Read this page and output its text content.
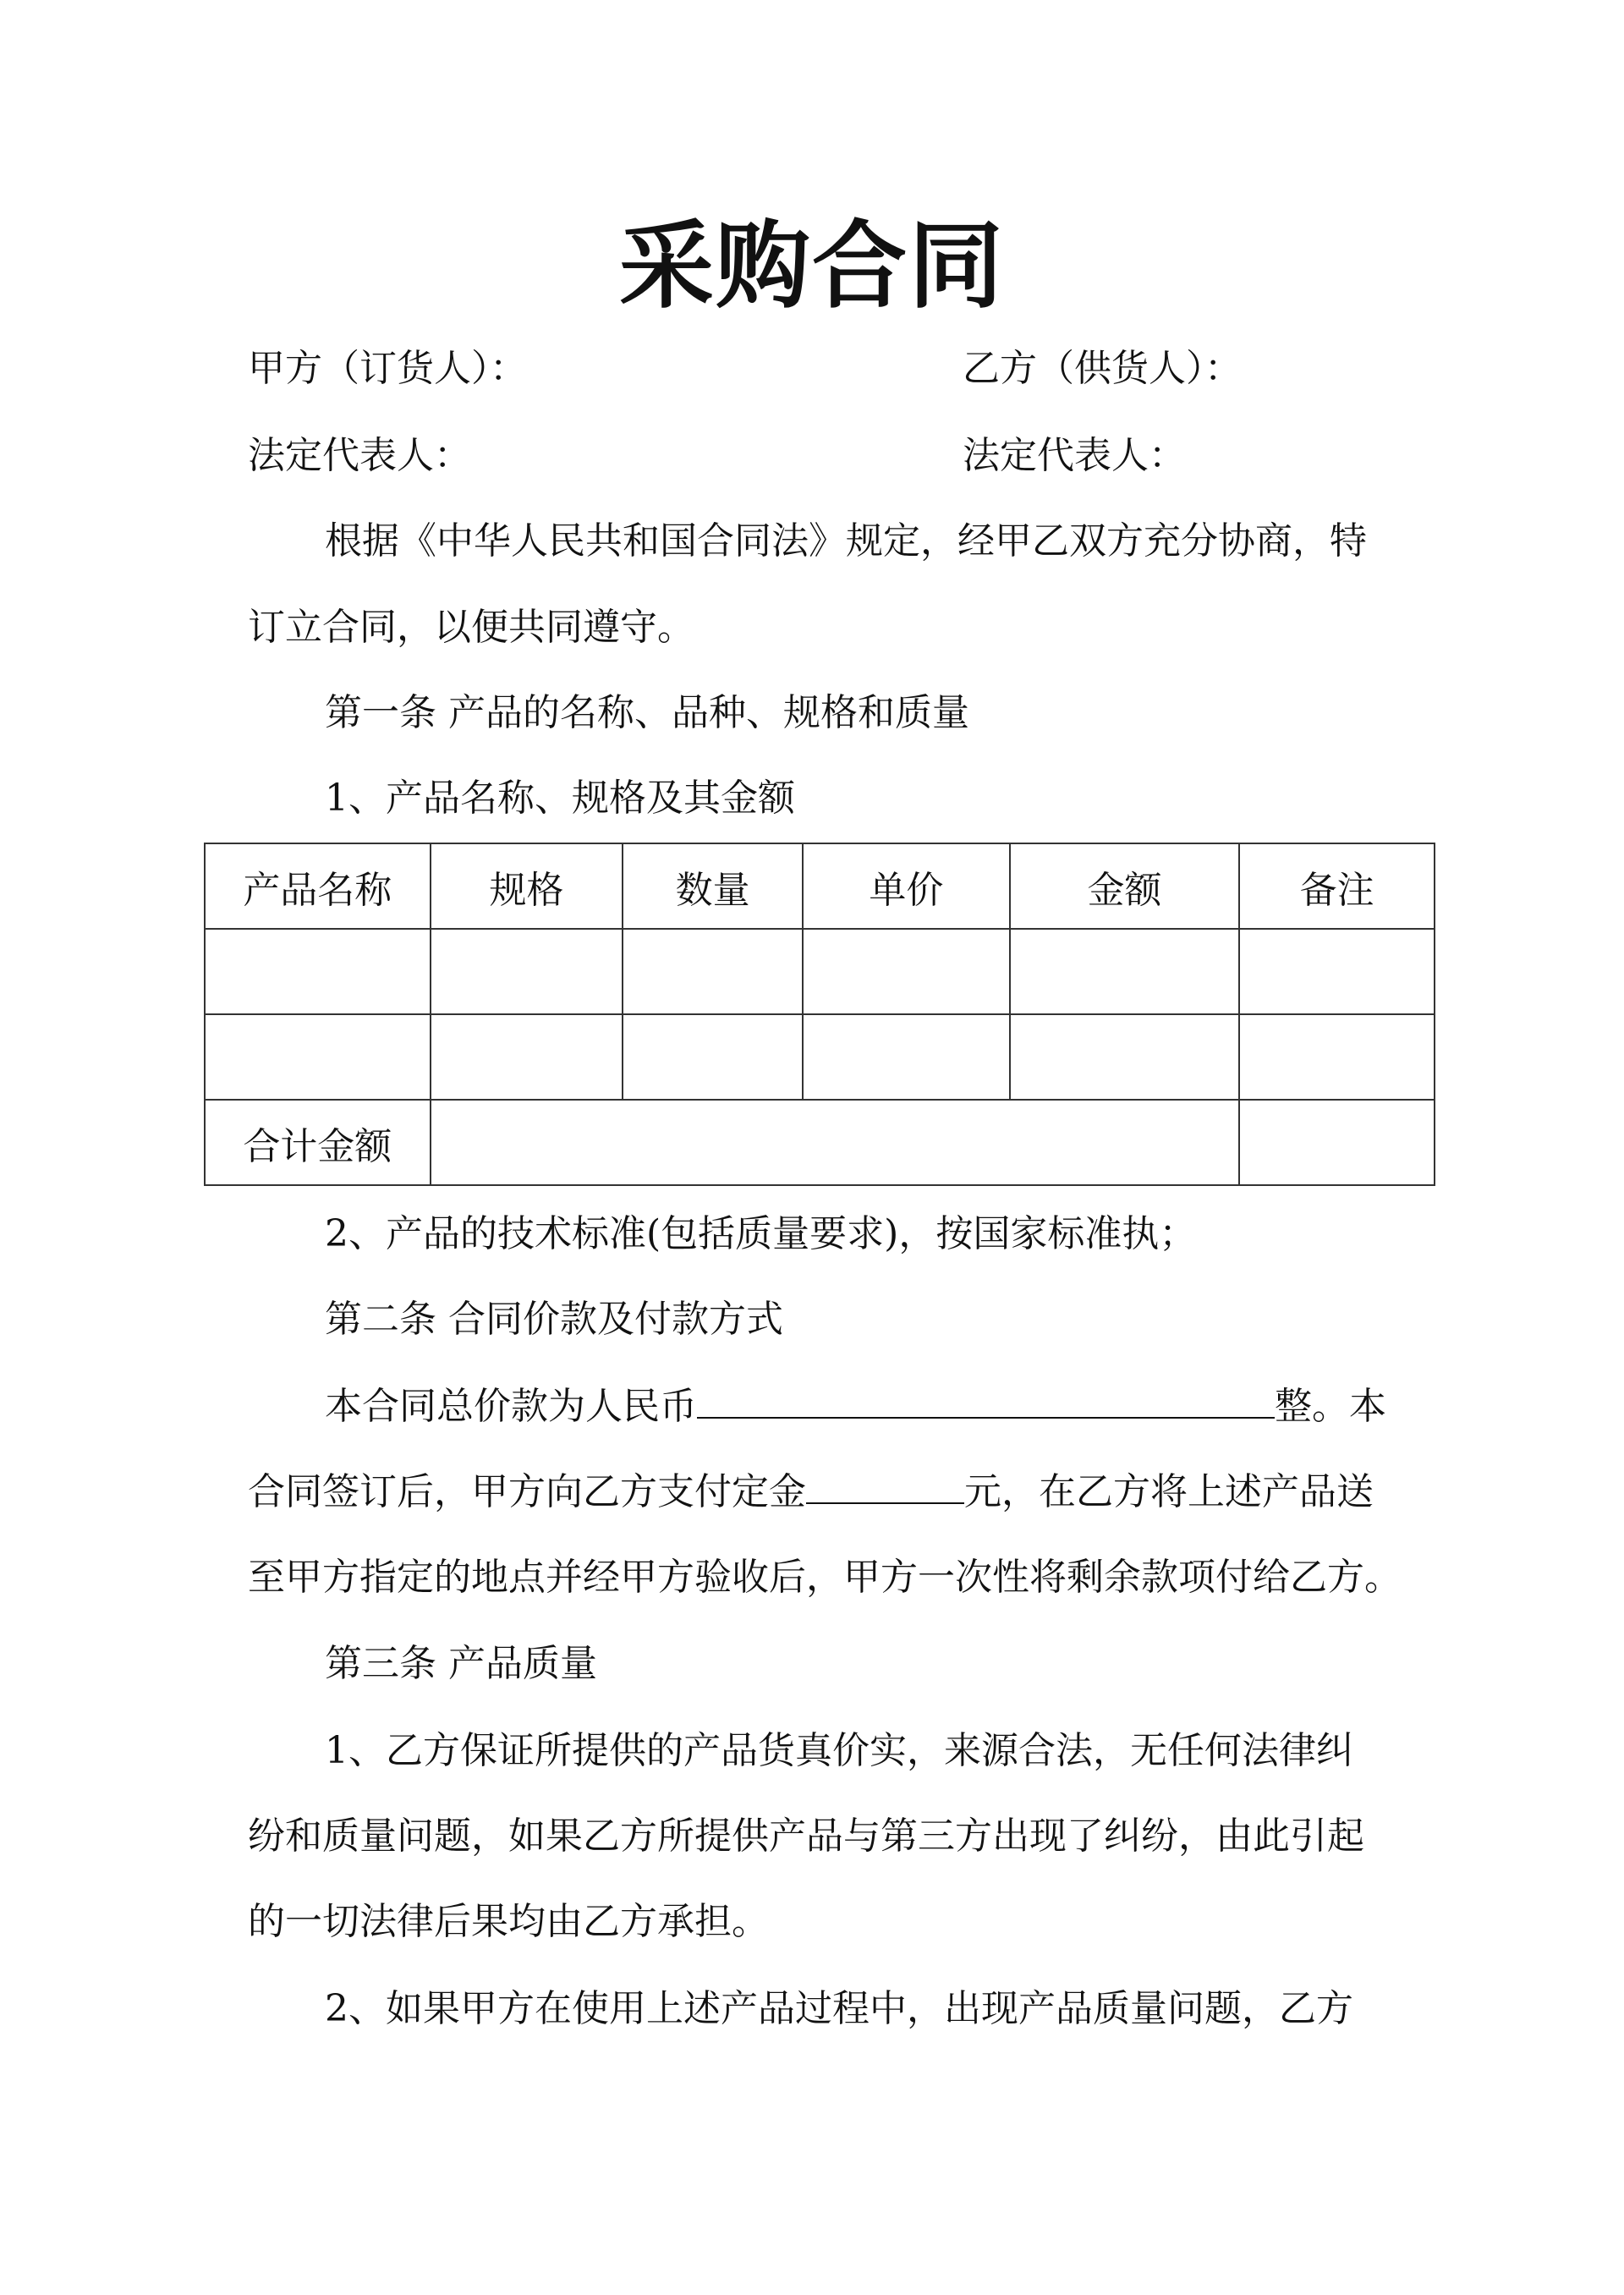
采购合同
甲方（订货人）：	乙方（供货人）：
法定代表人：	法定代表人：
根据《中华人民共和国合同法》规定，经甲乙双方充分协商，特
订立合同，以便共同遵守。
第一条 产品的名称、品种、规格和质量
1、产品名称、规格及其金额
产品名称	规格	数量	单价	金额	备注

合计金额					
2、产品的技术标准(包括质量要求)，按国家标准执；
第二条 合同价款及付款方式
本合同总价款为人民币	整。本
合同签订后，甲方向乙方支付定金	元，在乙方将上述产品送
至甲方指定的地点并经甲方验收后，甲方一次性将剩余款项付给乙方。
第三条 产品质量
1、乙方保证所提供的产品货真价实，来源合法，无任何法律纠
纷和质量问题，如果乙方所提供产品与第三方出现了纠纷，由此引起
的一切法律后果均由乙方承担。
2、如果甲方在使用上述产品过程中，出现产品质量问题，乙方
